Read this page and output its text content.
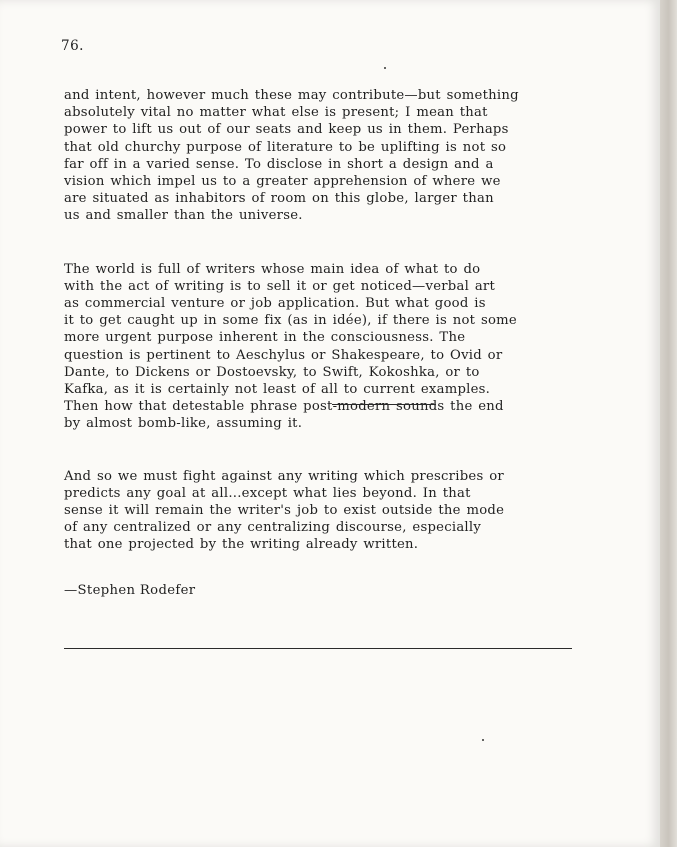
76.

and intent, however much these may contribute—but something
absolutely vital no matter what else is present; I mean that
power to lift us out of our seats and keep us in them. Perhaps
that old churchy purpose of literature to be uplifting is not so
far off in a varied sense. To disclose in short a design and a
vision which impel us to a greater apprehension of where we
are situated as inhabitors of room on this globe, larger than
us and smaller than the universe.

The world is full of writers whose main idea of what to do
with the act of writing is to sell it or get noticed—verbal art
as commercial venture or job application. But what good is
it to get caught up in some fix (as in idée), if there is not some
more urgent purpose inherent in the consciousness. The
question is pertinent to Aeschylus or Shakespeare, to Ovid or
Dante, to Dickens or Dostoevsky, to Swift, Kokoshka, or to
Kafka, as it is certainly not least of all to current examples.
Then how that detestable phrase post-modern sounds the end
by almost bomb-like, assuming it.

And so we must fight against any writing which prescribes or
predicts any goal at all...except what lies beyond. In that
sense it will remain the writer's job to exist outside the mode
of any centralized or any centralizing discourse, especially
that one projected by the writing already written.

—Stephen Rodefer
